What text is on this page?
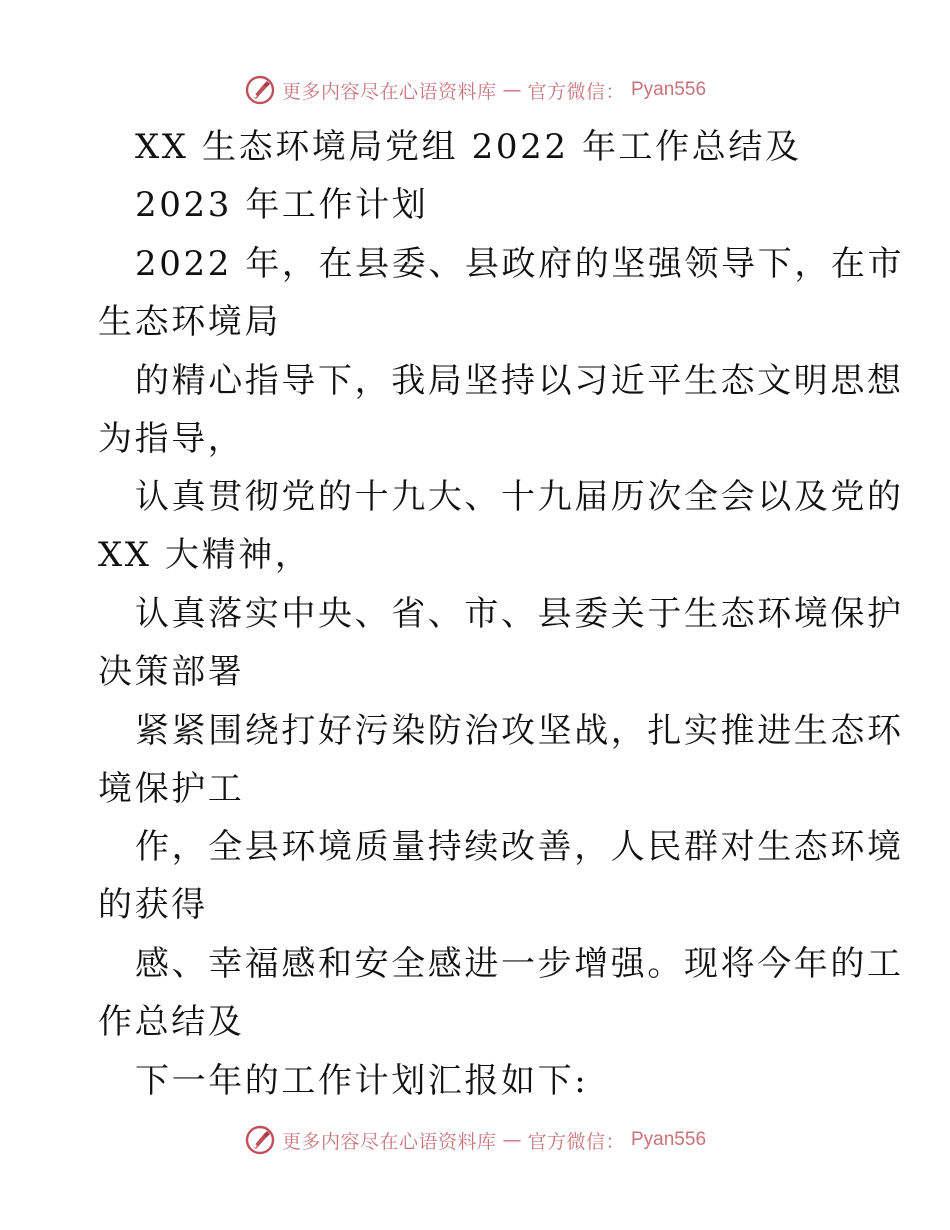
更多内容尽在心语资料库 — 官方微信： Pyan556
XX 生态环境局党组 2022 年工作总结及
2023 年工作计划
2022 年，在县委、县政府的坚强领导下，在市
生态环境局
的精心指导下，我局坚持以习近平生态文明思想
为指导，
认真贯彻党的十九大、十九届历次全会以及党的
XX 大精神，
认真落实中央、省、市、县委关于生态环境保护
决策部署
紧紧围绕打好污染防治攻坚战，扎实推进生态环
境保护工
作，全县环境质量持续改善，人民群对生态环境
的获得
感、幸福感和安全感进一步增强。现将今年的工
作总结及
下一年的工作计划汇报如下:
更多内容尽在心语资料库 — 官方微信： Pyan556
